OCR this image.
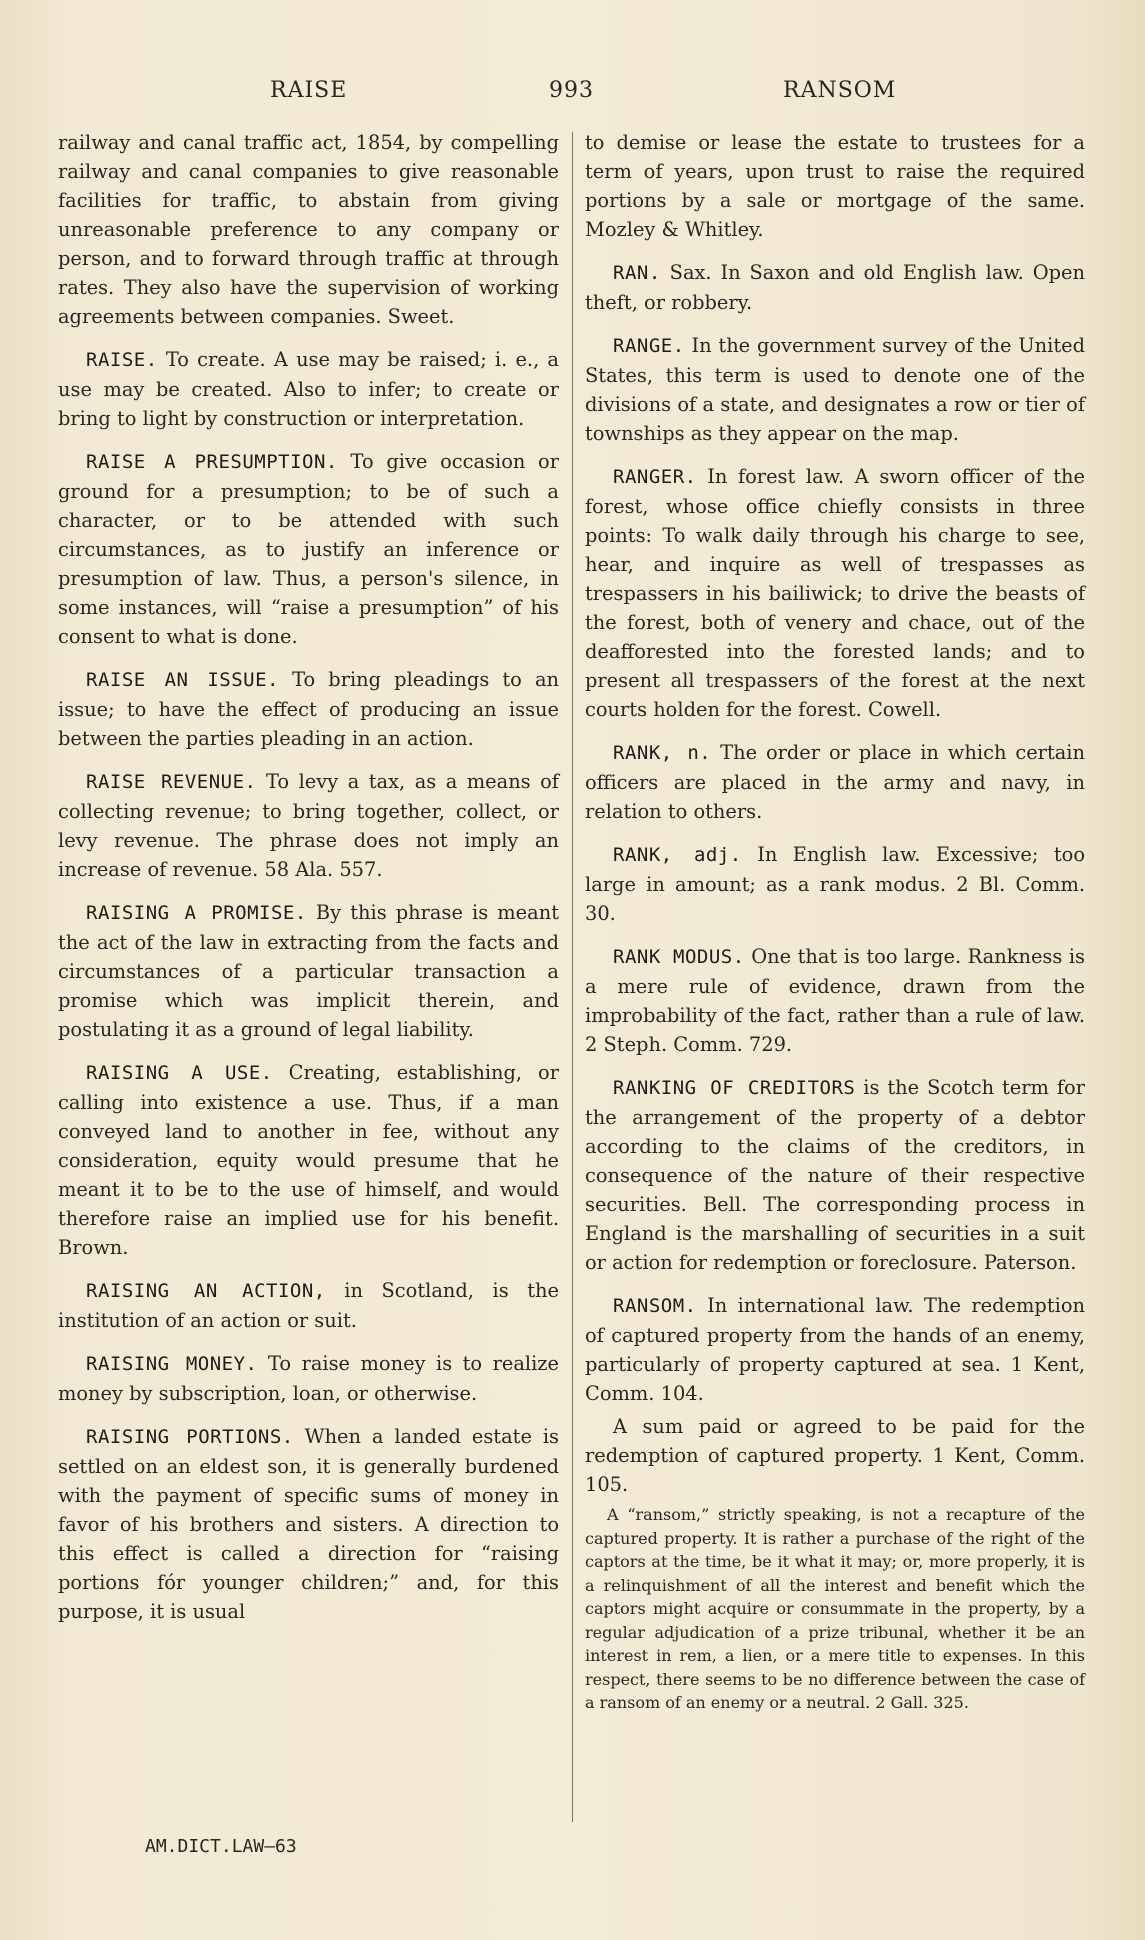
RAISE	993	RANSOM

railway and canal traffic act, 1854, by compelling railway and canal companies to give reasonable facilities for traffic, to abstain from giving unreasonable preference to any company or person, and to forward through traffic at through rates. They also have the supervision of working agreements between companies. Sweet.

RAISE. To create. A use may be raised; i. e., a use may be created. Also to infer; to create or bring to light by construction or interpretation.

RAISE A PRESUMPTION. To give occasion or ground for a presumption; to be of such a character, or to be attended with such circumstances, as to justify an inference or presumption of law. Thus, a person's silence, in some instances, will “raise a presumption” of his consent to what is done.

RAISE AN ISSUE. To bring pleadings to an issue; to have the effect of producing an issue between the parties pleading in an action.

RAISE REVENUE. To levy a tax, as a means of collecting revenue; to bring together, collect, or levy revenue. The phrase does not imply an increase of revenue. 58 Ala. 557.

RAISING A PROMISE. By this phrase is meant the act of the law in extracting from the facts and circumstances of a particular transaction a promise which was implicit therein, and postulating it as a ground of legal liability.

RAISING A USE. Creating, establishing, or calling into existence a use. Thus, if a man conveyed land to another in fee, without any consideration, equity would presume that he meant it to be to the use of himself, and would therefore raise an implied use for his benefit. Brown.

RAISING AN ACTION, in Scotland, is the institution of an action or suit.

RAISING MONEY. To raise money is to realize money by subscription, loan, or otherwise.

RAISING PORTIONS. When a landed estate is settled on an eldest son, it is generally burdened with the payment of specific sums of money in favor of his brothers and sisters. A direction to this effect is called a direction for “raising portions fór younger children;” and, for this purpose, it is usual

to demise or lease the estate to trustees for a term of years, upon trust to raise the required portions by a sale or mortgage of the same. Mozley & Whitley.

RAN. Sax. In Saxon and old English law. Open theft, or robbery.

RANGE. In the government survey of the United States, this term is used to denote one of the divisions of a state, and designates a row or tier of townships as they appear on the map.

RANGER. In forest law. A sworn officer of the forest, whose office chiefly consists in three points: To walk daily through his charge to see, hear, and inquire as well of trespasses as trespassers in his bailiwick; to drive the beasts of the forest, both of venery and chace, out of the deafforested into the forested lands; and to present all trespassers of the forest at the next courts holden for the forest. Cowell.

RANK, n. The order or place in which certain officers are placed in the army and navy, in relation to others.

RANK, adj. In English law. Excessive; too large in amount; as a rank modus. 2 Bl. Comm. 30.

RANK MODUS. One that is too large. Rankness is a mere rule of evidence, drawn from the improbability of the fact, rather than a rule of law. 2 Steph. Comm. 729.

RANKING OF CREDITORS is the Scotch term for the arrangement of the property of a debtor according to the claims of the creditors, in consequence of the nature of their respective securities. Bell. The corresponding process in England is the marshalling of securities in a suit or action for redemption or foreclosure. Paterson.

RANSOM. In international law. The redemption of captured property from the hands of an enemy, particularly of property captured at sea. 1 Kent, Comm. 104.

A sum paid or agreed to be paid for the redemption of captured property. 1 Kent, Comm. 105.

A “ransom,” strictly speaking, is not a recapture of the captured property. It is rather a purchase of the right of the captors at the time, be it what it may; or, more properly, it is a relinquishment of all the interest and benefit which the captors might acquire or consummate in the property, by a regular adjudication of a prize tribunal, whether it be an interest in rem, a lien, or a mere title to expenses. In this respect, there seems to be no difference between the case of a ransom of an enemy or a neutral. 2 Gall. 325.

AM.DICT.LAW—63
